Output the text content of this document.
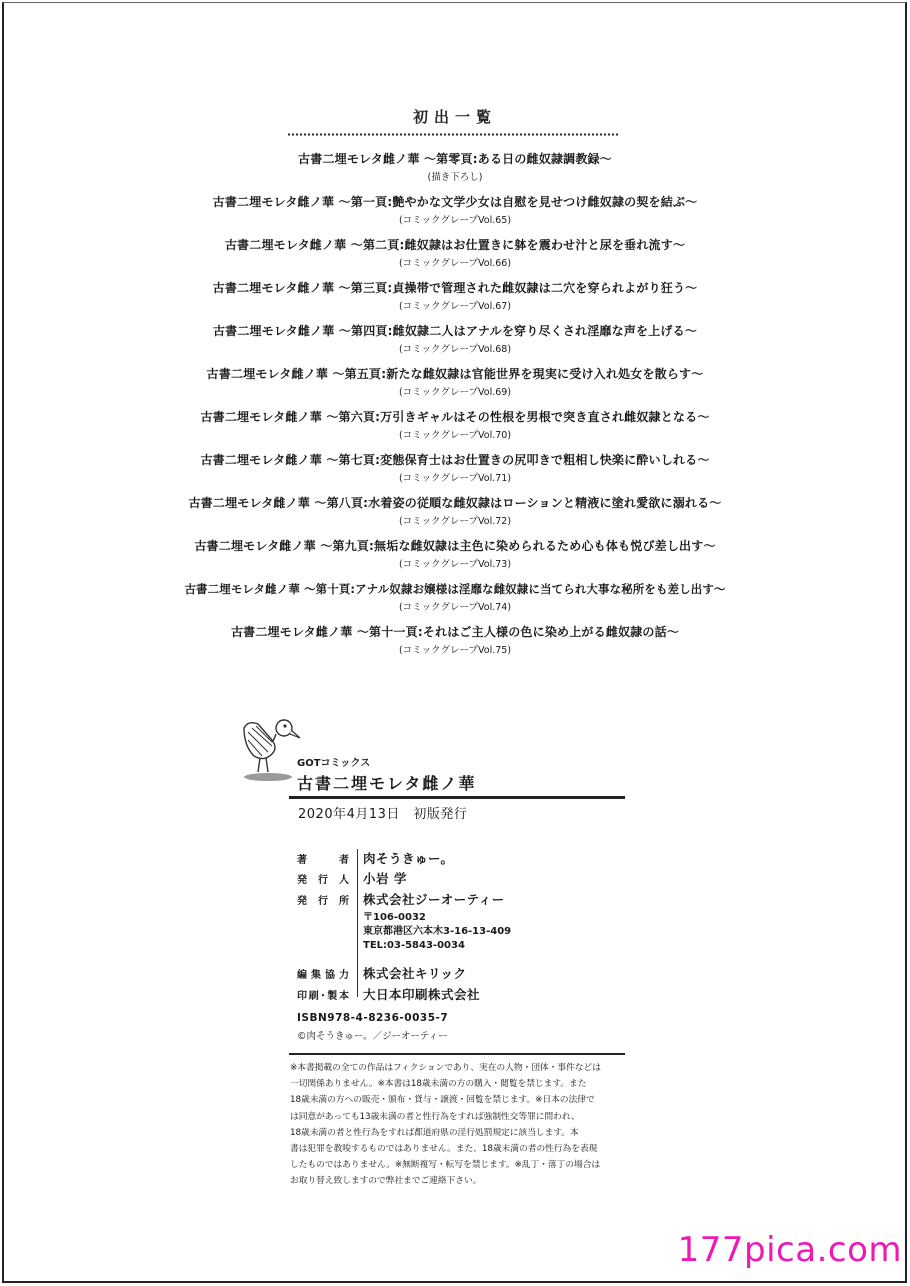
初出一覧
古書二埋モレタ雌ノ華 ～第零頁:ある日の雌奴隷調教録～
(描き下ろし)
古書二埋モレタ雌ノ華 ～第一頁:艶やかな文学少女は自慰を見せつけ雌奴隷の契を結ぶ～
(コミックグレープVol.65)
古書二埋モレタ雌ノ華 ～第二頁:雌奴隷はお仕置きに躰を震わせ汁と尿を垂れ流す～
(コミックグレープVol.66)
古書二埋モレタ雌ノ華 ～第三頁:貞操帯で管理された雌奴隷は二穴を穿られよがり狂う～
(コミックグレープVol.67)
古書二埋モレタ雌ノ華 ～第四頁:雌奴隷二人はアナルを穿り尽くされ淫靡な声を上げる～
(コミックグレープVol.68)
古書二埋モレタ雌ノ華 ～第五頁:新たな雌奴隷は官能世界を現実に受け入れ処女を散らす～
(コミックグレープVol.69)
古書二埋モレタ雌ノ華 ～第六頁:万引きギャルはその性根を男根で突き直され雌奴隷となる～
(コミックグレープVol.70)
古書二埋モレタ雌ノ華 ～第七頁:変態保育士はお仕置きの尻叩きで粗相し快楽に酔いしれる～
(コミックグレープVol.71)
古書二埋モレタ雌ノ華 ～第八頁:水着姿の従順な雌奴隷はローションと精液に塗れ愛欲に溺れる～
(コミックグレープVol.72)
古書二埋モレタ雌ノ華 ～第九頁:無垢な雌奴隷は主色に染められるため心も体も悦び差し出す～
(コミックグレープVol.73)
古書二埋モレタ雌ノ華 ～第十頁:アナル奴隷お嬢様は淫靡な雌奴隷に当てられ大事な秘所をも差し出す～
(コミックグレープVol.74)
古書二埋モレタ雌ノ華 ～第十一頁:それはご主人様の色に染め上がる雌奴隷の話～
(コミックグレープVol.75)
GOTコミックス
古書二埋モレタ雌ノ華
2020年4月13日　初版発行
著　者 肉そうきゅー。
発行人 小岩 学
発行所 株式会社ジーオーティー
〒106-0032
東京都港区六本木3-16-13-409
TEL:03-5843-0034
編集協力 株式会社キリック
印刷･製本 大日本印刷株式会社
ISBN978-4-8236-0035-7
©肉そうきゅー。／ジーオーティー
※本書掲載の全ての作品はフィクションであり、実在の人物・団体・事件などは
一切関係ありません。※本書は18歳未満の方の購入・閲覧を禁じます。また
18歳未満の方への販売・頒布・貸与・譲渡・回覧を禁じます。※日本の法律で
は同意があっても13歳未満の者と性行為をすれば強制性交等罪に問われ、
18歳未満の者と性行為をすれば都道府県の淫行処罰規定に該当します。本
書は犯罪を教唆するものではありません。また、18歳未満の者の性行為を表現
したものではありません。※無断複写・転写を禁じます。※乱丁・落丁の場合は
お取り替え致しますので弊社までご連絡下さい。
177pica.com
